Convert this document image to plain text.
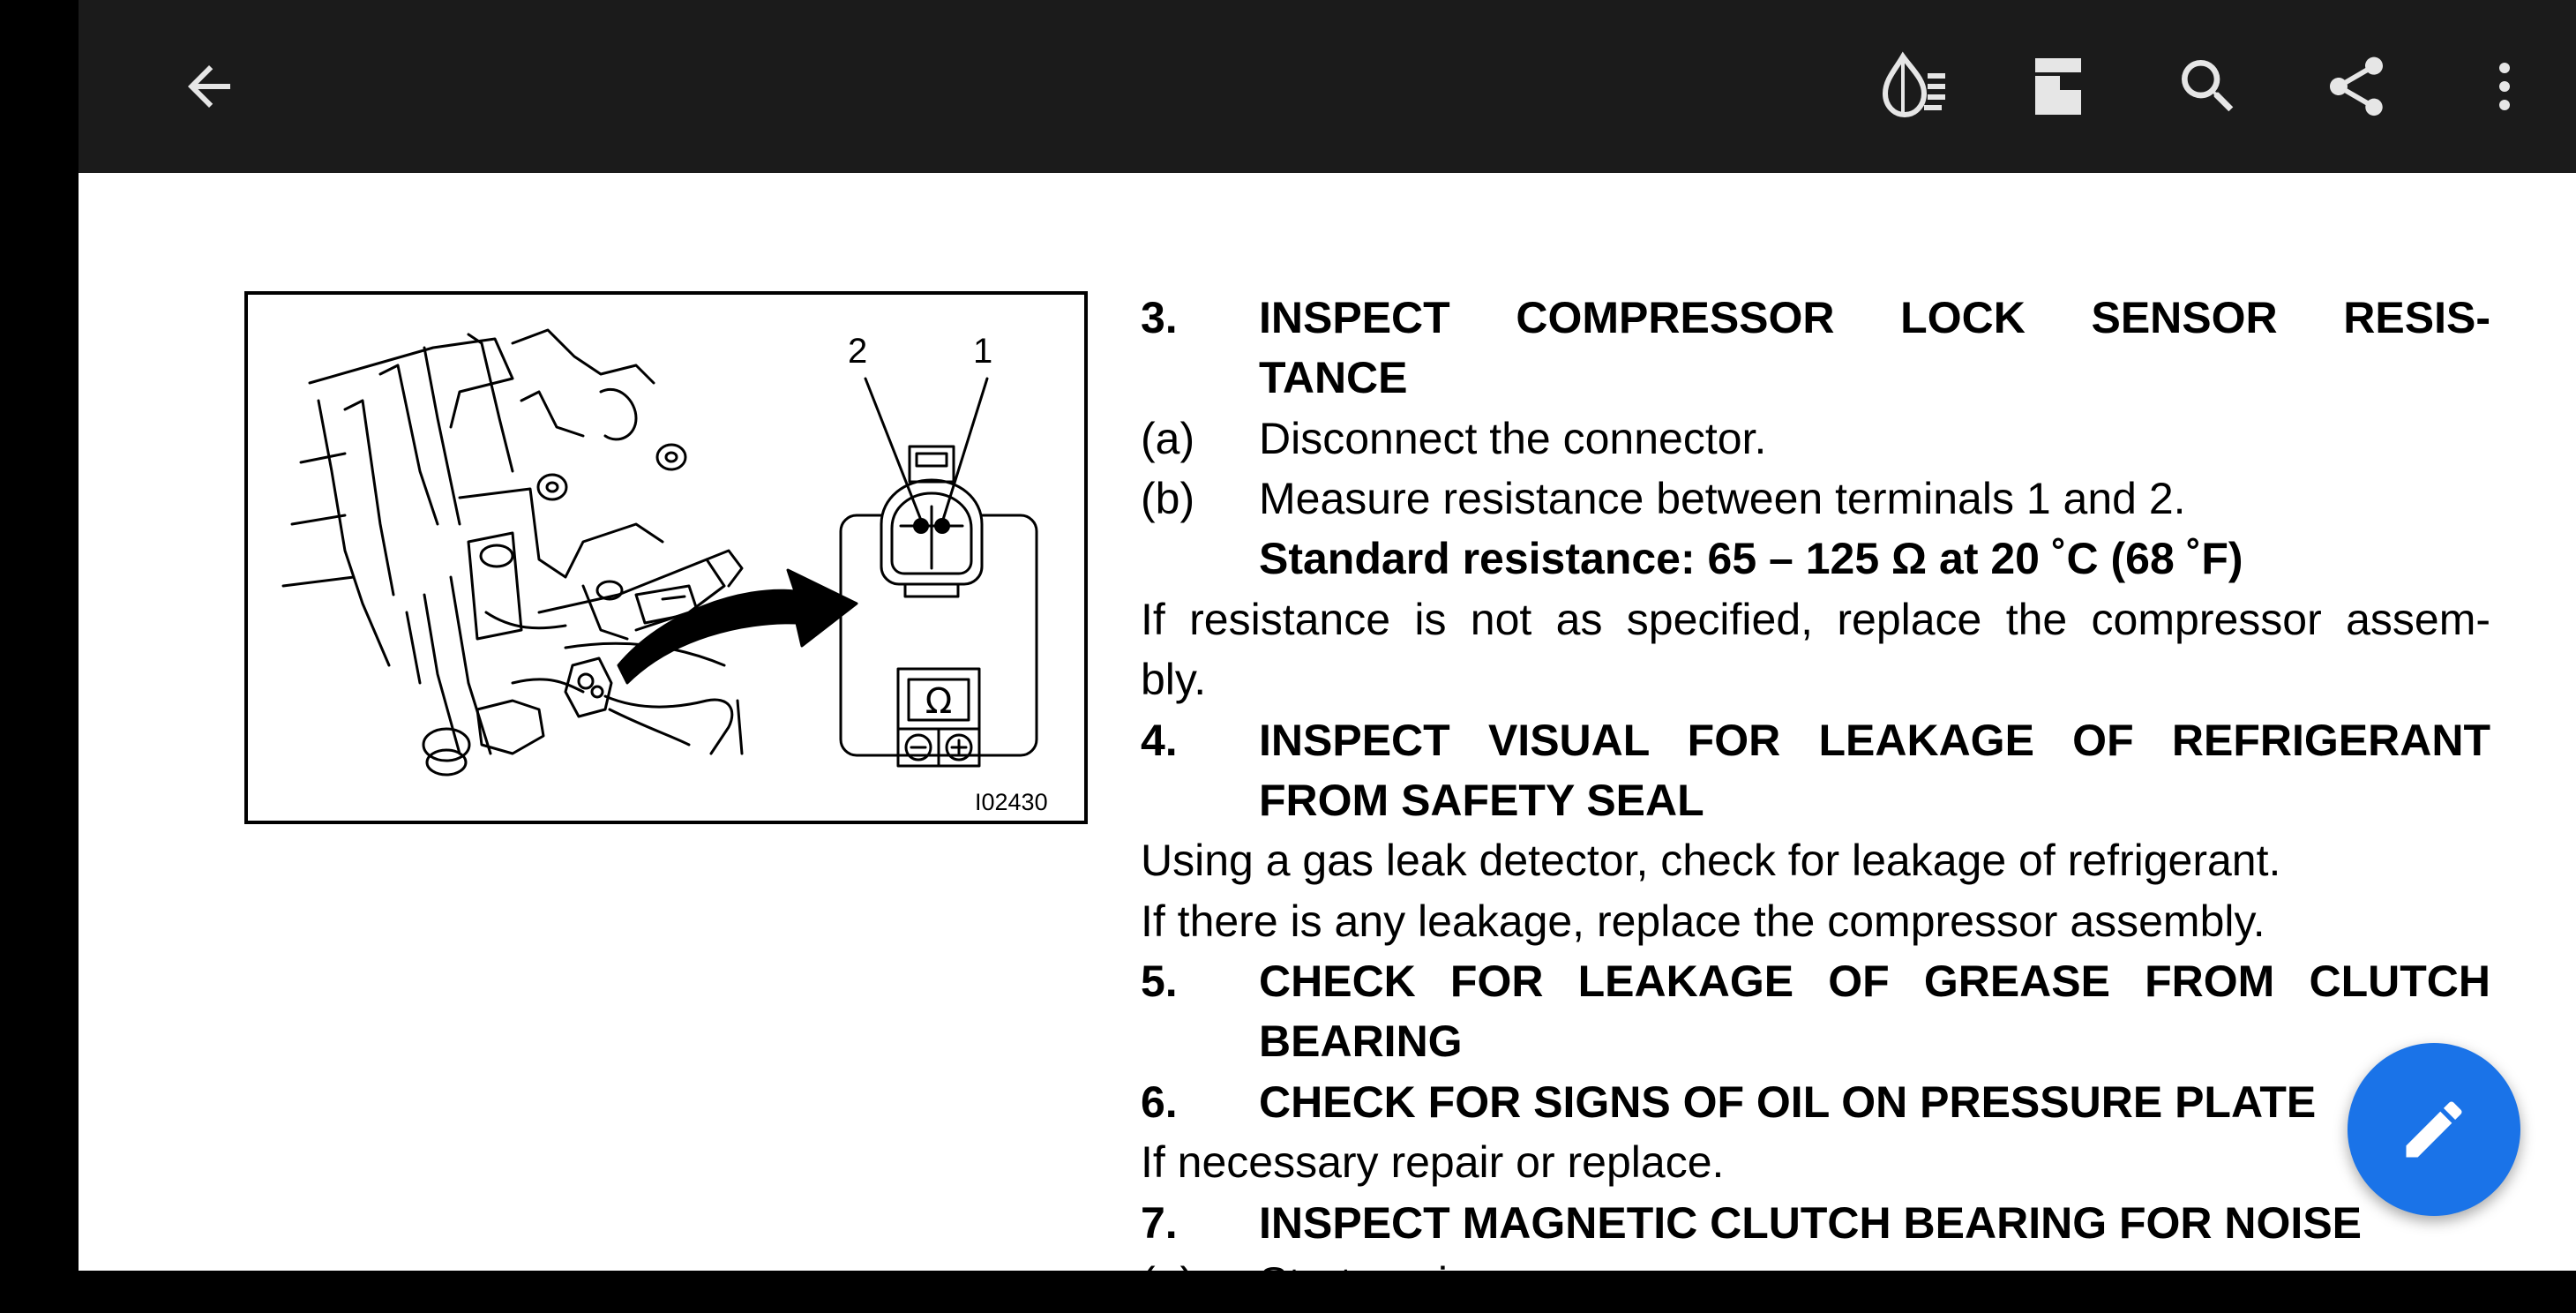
Ω
2	1
I02430
3. INSPECT COMPRESSOR LOCK SENSOR RESIS-
TANCE
(a) Disconnect the connector.
(b) Measure resistance between terminals 1 and 2.
Standard resistance: 65 – 125 Ω at 20 ˚C (68 ˚F)
If resistance is not as specified, replace the compressor assem-
bly.
4. INSPECT VISUAL FOR LEAKAGE OF REFRIGERANT
FROM SAFETY SEAL
Using a gas leak detector, check for leakage of refrigerant.
If there is any leakage, replace the compressor assembly.
5. CHECK FOR LEAKAGE OF GREASE FROM CLUTCH
BEARING
6. CHECK FOR SIGNS OF OIL ON PRESSURE PLATE
If necessary repair or replace.
7. INSPECT MAGNETIC CLUTCH BEARING FOR NOISE
(a) Start engine.
